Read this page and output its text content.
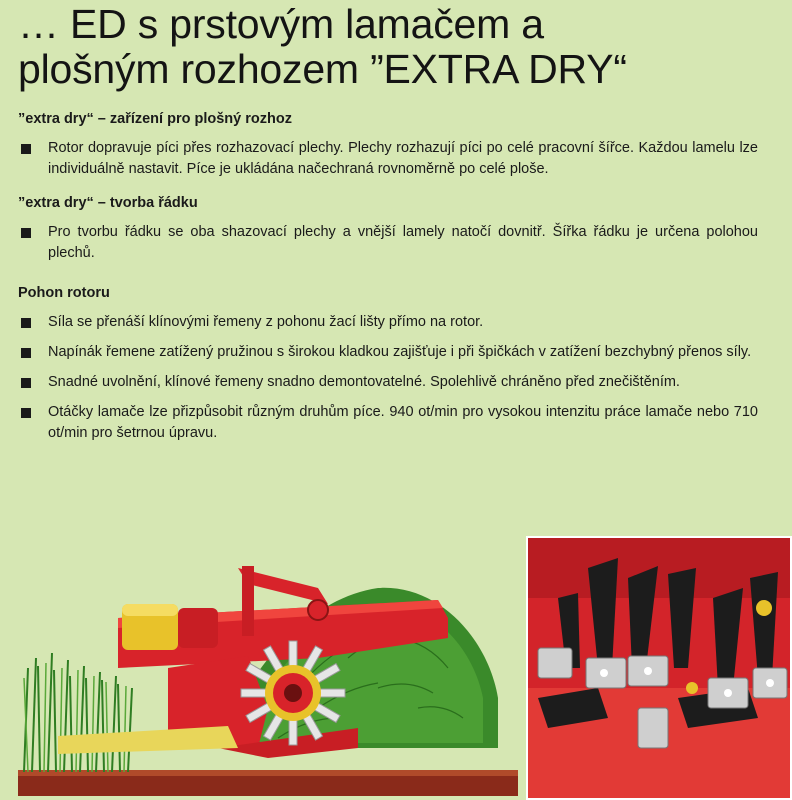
… ED s prstovým lamačem a
plošným rozhozem ”EXTRA DRY“

”extra dry“ – zařízení pro plošný rozhoz

Rotor dopravuje píci přes rozhazovací plechy. Plechy rozhazují píci po celé pracovní šířce. Každou lamelu lze individuálně nastavit. Píce je ukládána načechraná rovnoměrně po celé ploše.

”extra dry“ – tvorba řádku

Pro tvorbu řádku se oba shazovací plechy a vnější lamely natočí dovnitř. Šířka řádku je určena polohou plechů.

Pohon rotoru

Síla se přenáší klínovými řemeny z pohonu žací lišty přímo na rotor.
Napínák řemene zatížený pružinou s širokou kladkou zajišťuje i při špičkách v zatížení bezchybný přenos síly.
Snadné uvolnění, klínové řemeny snadno demontovatelné. Spolehlivě chráněno před znečištěním.
Otáčky lamače lze přizpůsobit různým druhům píce. 940 ot/min pro vysokou intenzitu práce lamače nebo 710 ot/min pro šetrnou úpravu.
